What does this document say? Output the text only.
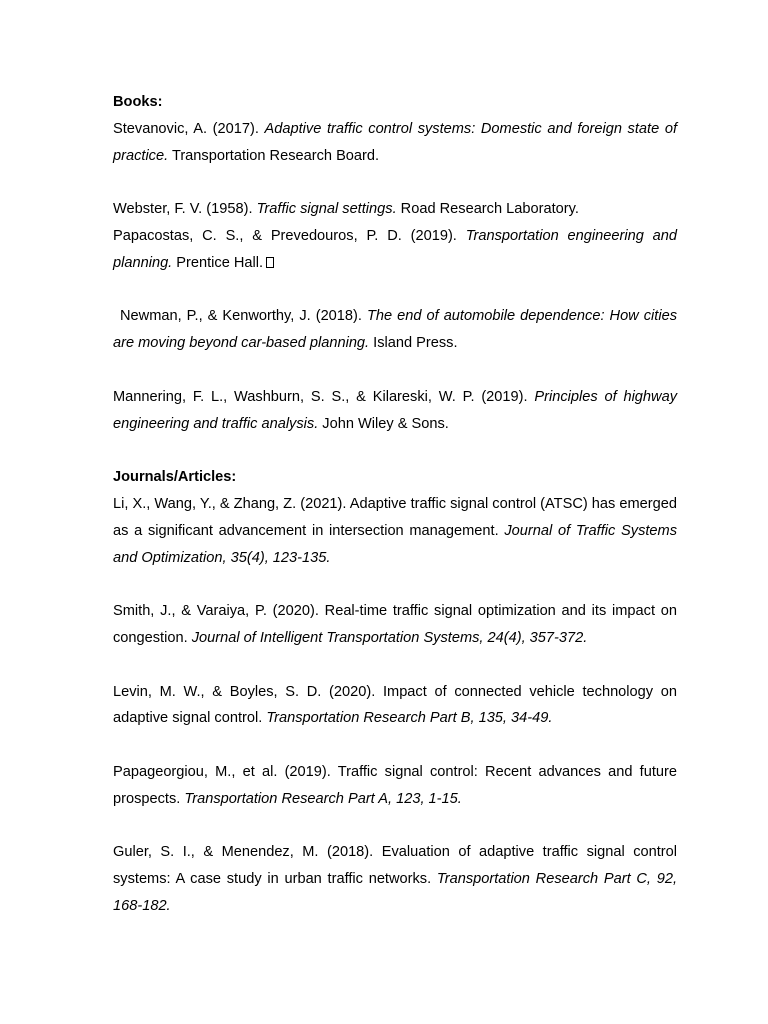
Books:

Stevanovic, A. (2017). Adaptive traffic control systems: Domestic and foreign state of practice. Transportation Research Board.

Webster, F. V. (1958). Traffic signal settings. Road Research Laboratory.

Papacostas, C. S., & Prevedouros, P. D. (2019). Transportation engineering and planning. Prentice Hall.

Newman, P., & Kenworthy, J. (2018). The end of automobile dependence: How cities are moving beyond car-based planning. Island Press.

Mannering, F. L., Washburn, S. S., & Kilareski, W. P. (2019). Principles of highway engineering and traffic analysis. John Wiley & Sons.

Journals/Articles:

Li, X., Wang, Y., & Zhang, Z. (2021). Adaptive traffic signal control (ATSC) has emerged as a significant advancement in intersection management. Journal of Traffic Systems and Optimization, 35(4), 123-135.

Smith, J., & Varaiya, P. (2020). Real-time traffic signal optimization and its impact on congestion. Journal of Intelligent Transportation Systems, 24(4), 357-372.

Levin, M. W., & Boyles, S. D. (2020). Impact of connected vehicle technology on adaptive signal control. Transportation Research Part B, 135, 34-49.

Papageorgiou, M., et al. (2019). Traffic signal control: Recent advances and future prospects. Transportation Research Part A, 123, 1-15.

Guler, S. I., & Menendez, M. (2018). Evaluation of adaptive traffic signal control systems: A case study in urban traffic networks. Transportation Research Part C, 92, 168-182.
